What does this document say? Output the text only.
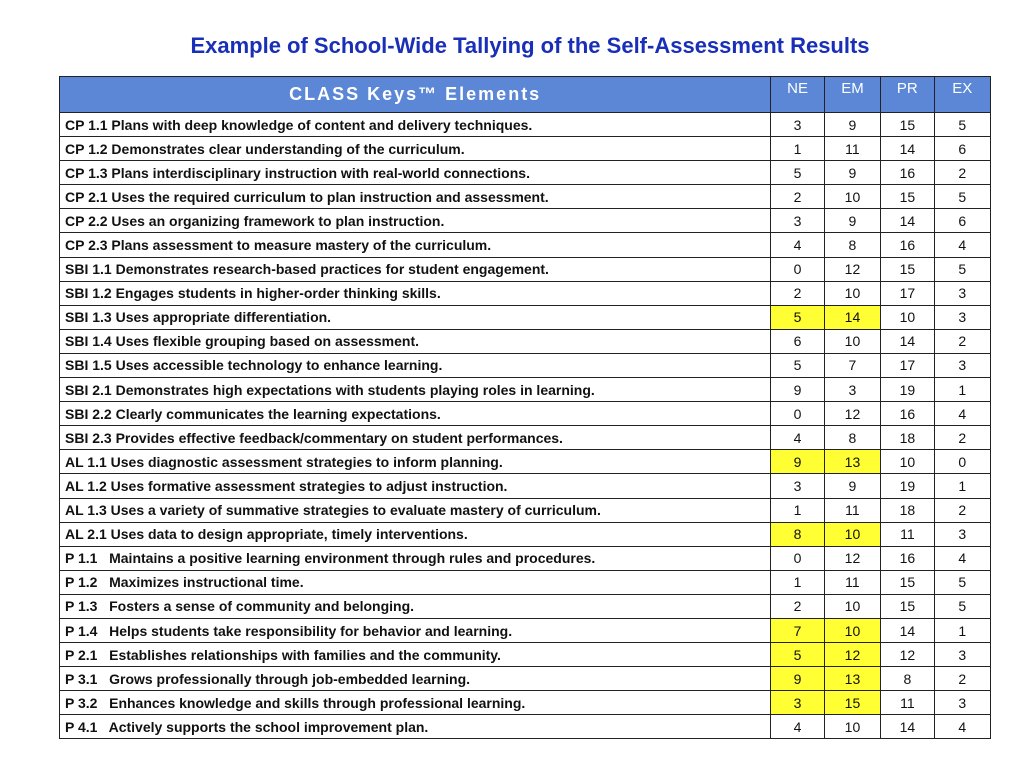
Example of School-Wide Tallying of the Self-Assessment Results
CLASS Keys™ Elements	NE	EM	PR	EX
CP 1.1 Plans with deep knowledge of content and delivery techniques.	3	9	15	5
CP 1.2 Demonstrates clear understanding of the curriculum.	1	11	14	6
CP 1.3 Plans interdisciplinary instruction with real-world connections.	5	9	16	2
CP 2.1 Uses the required curriculum to plan instruction and assessment.	2	10	15	5
CP 2.2 Uses an organizing framework to plan instruction.	3	9	14	6
CP 2.3 Plans assessment to measure mastery of the curriculum.	4	8	16	4
SBI 1.1 Demonstrates research-based practices for student engagement.	0	12	15	5
SBI 1.2 Engages students in higher-order thinking skills.	2	10	17	3
SBI 1.3 Uses appropriate differentiation.	5	14	10	3
SBI 1.4 Uses flexible grouping based on assessment.	6	10	14	2
SBI 1.5 Uses accessible technology to enhance learning.	5	7	17	3
SBI 2.1 Demonstrates high expectations with students playing roles in learning.	9	3	19	1
SBI 2.2 Clearly communicates the learning expectations.	0	12	16	4
SBI 2.3 Provides effective feedback/commentary on student performances.	4	8	18	2
AL 1.1 Uses diagnostic assessment strategies to inform planning.	9	13	10	0
AL 1.2 Uses formative assessment strategies to adjust instruction.	3	9	19	1
AL 1.3 Uses a variety of summative strategies to evaluate mastery of curriculum.	1	11	18	2
AL 2.1 Uses data to design appropriate, timely interventions.	8	10	11	3
P 1.1   Maintains a positive learning environment through rules and procedures.	0	12	16	4
P 1.2   Maximizes instructional time.	1	11	15	5
P 1.3   Fosters a sense of community and belonging.	2	10	15	5
P 1.4   Helps students take responsibility for behavior and learning.	7	10	14	1
P 2.1   Establishes relationships with families and the community.	5	12	12	3
P 3.1   Grows professionally through job-embedded learning.	9	13	8	2
P 3.2   Enhances knowledge and skills through professional learning.	3	15	11	3
P 4.1   Actively supports the school improvement plan.	4	10	14	4
